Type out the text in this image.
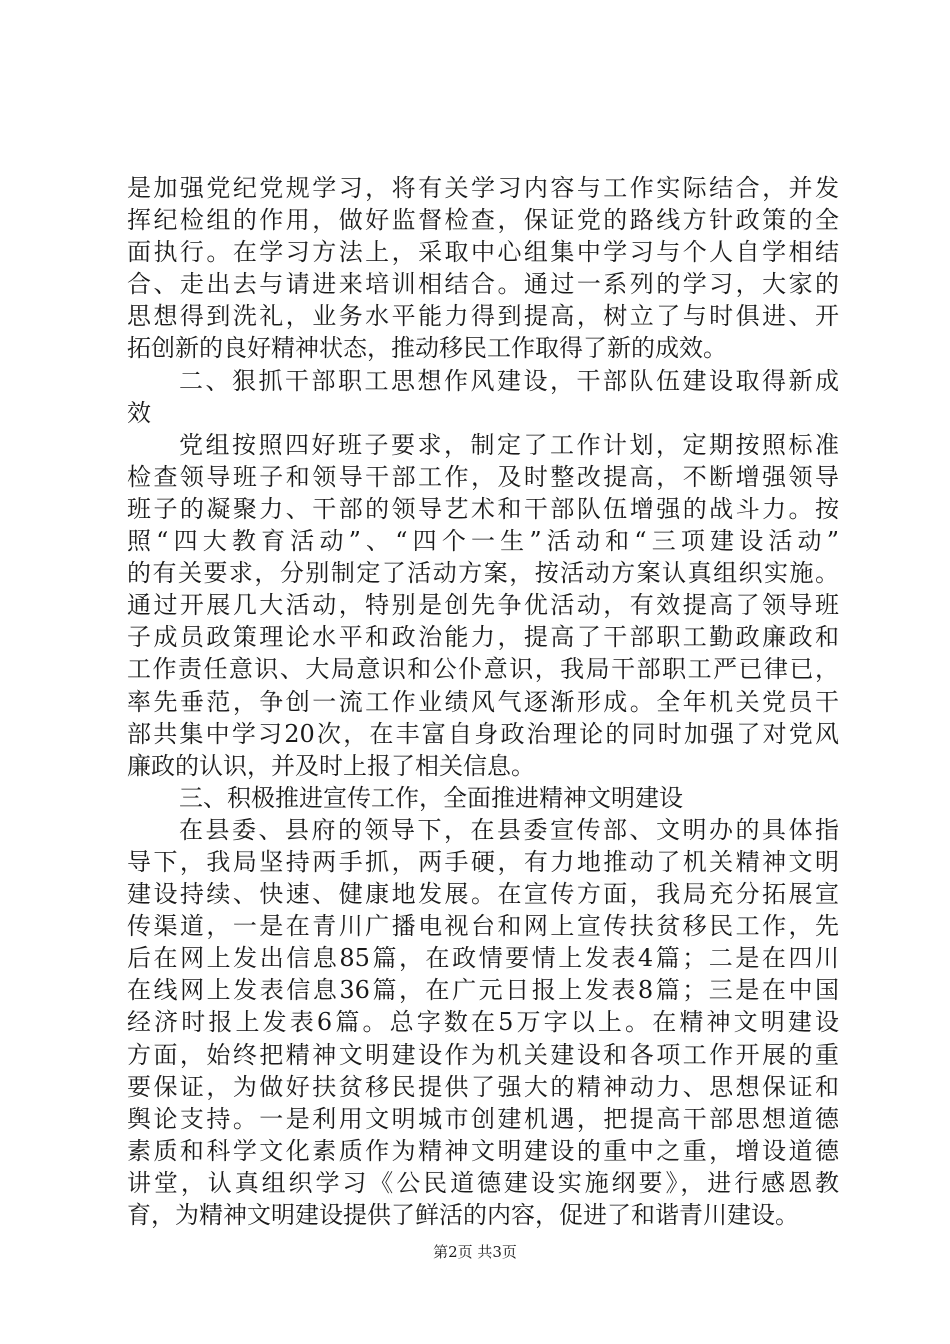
是加强党纪党规学习，将有关学习内容与工作实际结合，并发
挥纪检组的作用，做好监督检查，保证党的路线方针政策的全
面执行。在学习方法上，采取中心组集中学习与个人自学相结
合、走出去与请进来培训相结合。通过一系列的学习，大家的
思想得到洗礼，业务水平能力得到提高，树立了与时俱进、开
拓创新的良好精神状态，推动移民工作取得了新的成效。
二、狠抓干部职工思想作风建设，干部队伍建设取得新成
效
党组按照四好班子要求，制定了工作计划，定期按照标准
检查领导班子和领导干部工作，及时整改提高，不断增强领导
班子的凝聚力、干部的领导艺术和干部队伍增强的战斗力。按
照“四大教育活动”、“四个一生”活动和“三项建设活动”
的有关要求，分别制定了活动方案，按活动方案认真组织实施。
通过开展几大活动，特别是创先争优活动，有效提高了领导班
子成员政策理论水平和政治能力，提高了干部职工勤政廉政和
工作责任意识、大局意识和公仆意识，我局干部职工严已律已，
率先垂范，争创一流工作业绩风气逐渐形成。全年机关党员干
部共集中学习20次，在丰富自身政治理论的同时加强了对党风
廉政的认识，并及时上报了相关信息。
三、积极推进宣传工作，全面推进精神文明建设
在县委、县府的领导下，在县委宣传部、文明办的具体指
导下，我局坚持两手抓，两手硬，有力地推动了机关精神文明
建设持续、快速、健康地发展。在宣传方面，我局充分拓展宣
传渠道，一是在青川广播电视台和网上宣传扶贫移民工作，先
后在网上发出信息85篇，在政情要情上发表4篇；二是在四川
在线网上发表信息36篇，在广元日报上发表8篇；三是在中国
经济时报上发表6篇。总字数在5万字以上。在精神文明建设
方面，始终把精神文明建设作为机关建设和各项工作开展的重
要保证，为做好扶贫移民提供了强大的精神动力、思想保证和
舆论支持。一是利用文明城市创建机遇，把提高干部思想道德
素质和科学文化素质作为精神文明建设的重中之重，增设道德
讲堂，认真组织学习《公民道德建设实施纲要》，进行感恩教
育，为精神文明建设提供了鲜活的内容，促进了和谐青川建设。
第2页 共3页
